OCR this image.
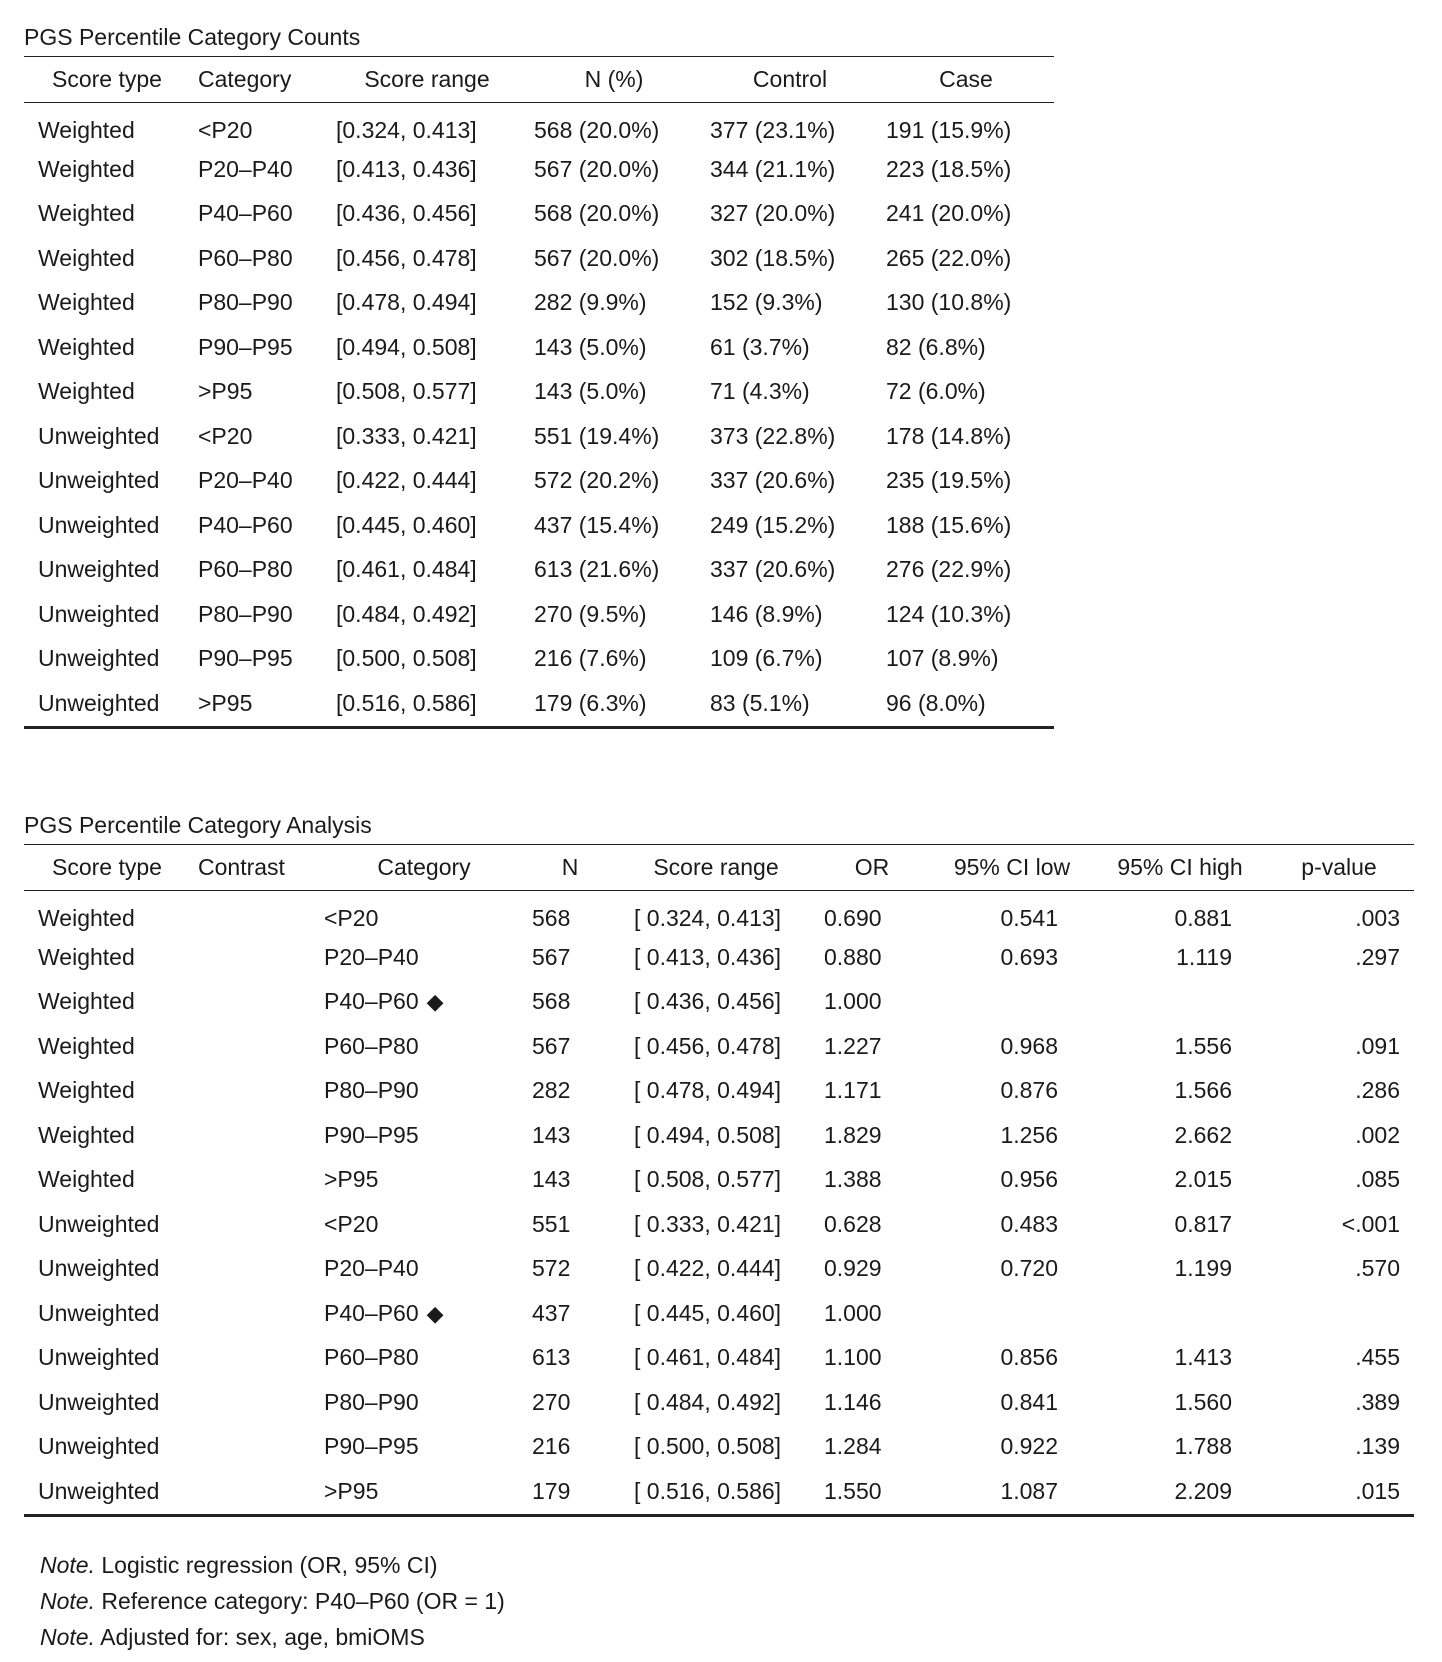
PGS Percentile Category Counts
Score type	Category	Score range	N (%)	Control	Case
Weighted	<P20	[0.324, 0.413]	568 (20.0%)	377 (23.1%)	191 (15.9%)
Weighted	P20–P40	[0.413, 0.436]	567 (20.0%)	344 (21.1%)	223 (18.5%)
Weighted	P40–P60	[0.436, 0.456]	568 (20.0%)	327 (20.0%)	241 (20.0%)
Weighted	P60–P80	[0.456, 0.478]	567 (20.0%)	302 (18.5%)	265 (22.0%)
Weighted	P80–P90	[0.478, 0.494]	282 (9.9%)	152 (9.3%)	130 (10.8%)
Weighted	P90–P95	[0.494, 0.508]	143 (5.0%)	61 (3.7%)	82 (6.8%)
Weighted	>P95	[0.508, 0.577]	143 (5.0%)	71 (4.3%)	72 (6.0%)
Unweighted	<P20	[0.333, 0.421]	551 (19.4%)	373 (22.8%)	178 (14.8%)
Unweighted	P20–P40	[0.422, 0.444]	572 (20.2%)	337 (20.6%)	235 (19.5%)
Unweighted	P40–P60	[0.445, 0.460]	437 (15.4%)	249 (15.2%)	188 (15.6%)
Unweighted	P60–P80	[0.461, 0.484]	613 (21.6%)	337 (20.6%)	276 (22.9%)
Unweighted	P80–P90	[0.484, 0.492]	270 (9.5%)	146 (8.9%)	124 (10.3%)
Unweighted	P90–P95	[0.500, 0.508]	216 (7.6%)	109 (6.7%)	107 (8.9%)
Unweighted	>P95	[0.516, 0.586]	179 (6.3%)	83 (5.1%)	96 (8.0%)
PGS Percentile Category Analysis
Score type	Contrast	Category	N	Score range	OR	95% CI low	95% CI high	p-value
Weighted		<P20	568	[ 0.324, 0.413]	0.690	0.541	0.881	.003
Weighted		P20–P40	567	[ 0.413, 0.436]	0.880	0.693	1.119	.297
Weighted		P40–P60 ◆	568	[ 0.436, 0.456]	1.000			
Weighted		P60–P80	567	[ 0.456, 0.478]	1.227	0.968	1.556	.091
Weighted		P80–P90	282	[ 0.478, 0.494]	1.171	0.876	1.566	.286
Weighted		P90–P95	143	[ 0.494, 0.508]	1.829	1.256	2.662	.002
Weighted		>P95	143	[ 0.508, 0.577]	1.388	0.956	2.015	.085
Unweighted		<P20	551	[ 0.333, 0.421]	0.628	0.483	0.817	<.001
Unweighted		P20–P40	572	[ 0.422, 0.444]	0.929	0.720	1.199	.570
Unweighted		P40–P60 ◆	437	[ 0.445, 0.460]	1.000			
Unweighted		P60–P80	613	[ 0.461, 0.484]	1.100	0.856	1.413	.455
Unweighted		P80–P90	270	[ 0.484, 0.492]	1.146	0.841	1.560	.389
Unweighted		P90–P95	216	[ 0.500, 0.508]	1.284	0.922	1.788	.139
Unweighted		>P95	179	[ 0.516, 0.586]	1.550	1.087	2.209	.015
Note. Logistic regression (OR, 95% CI)
Note. Reference category: P40–P60 (OR = 1)
Note. Adjusted for: sex, age, bmiOMS
